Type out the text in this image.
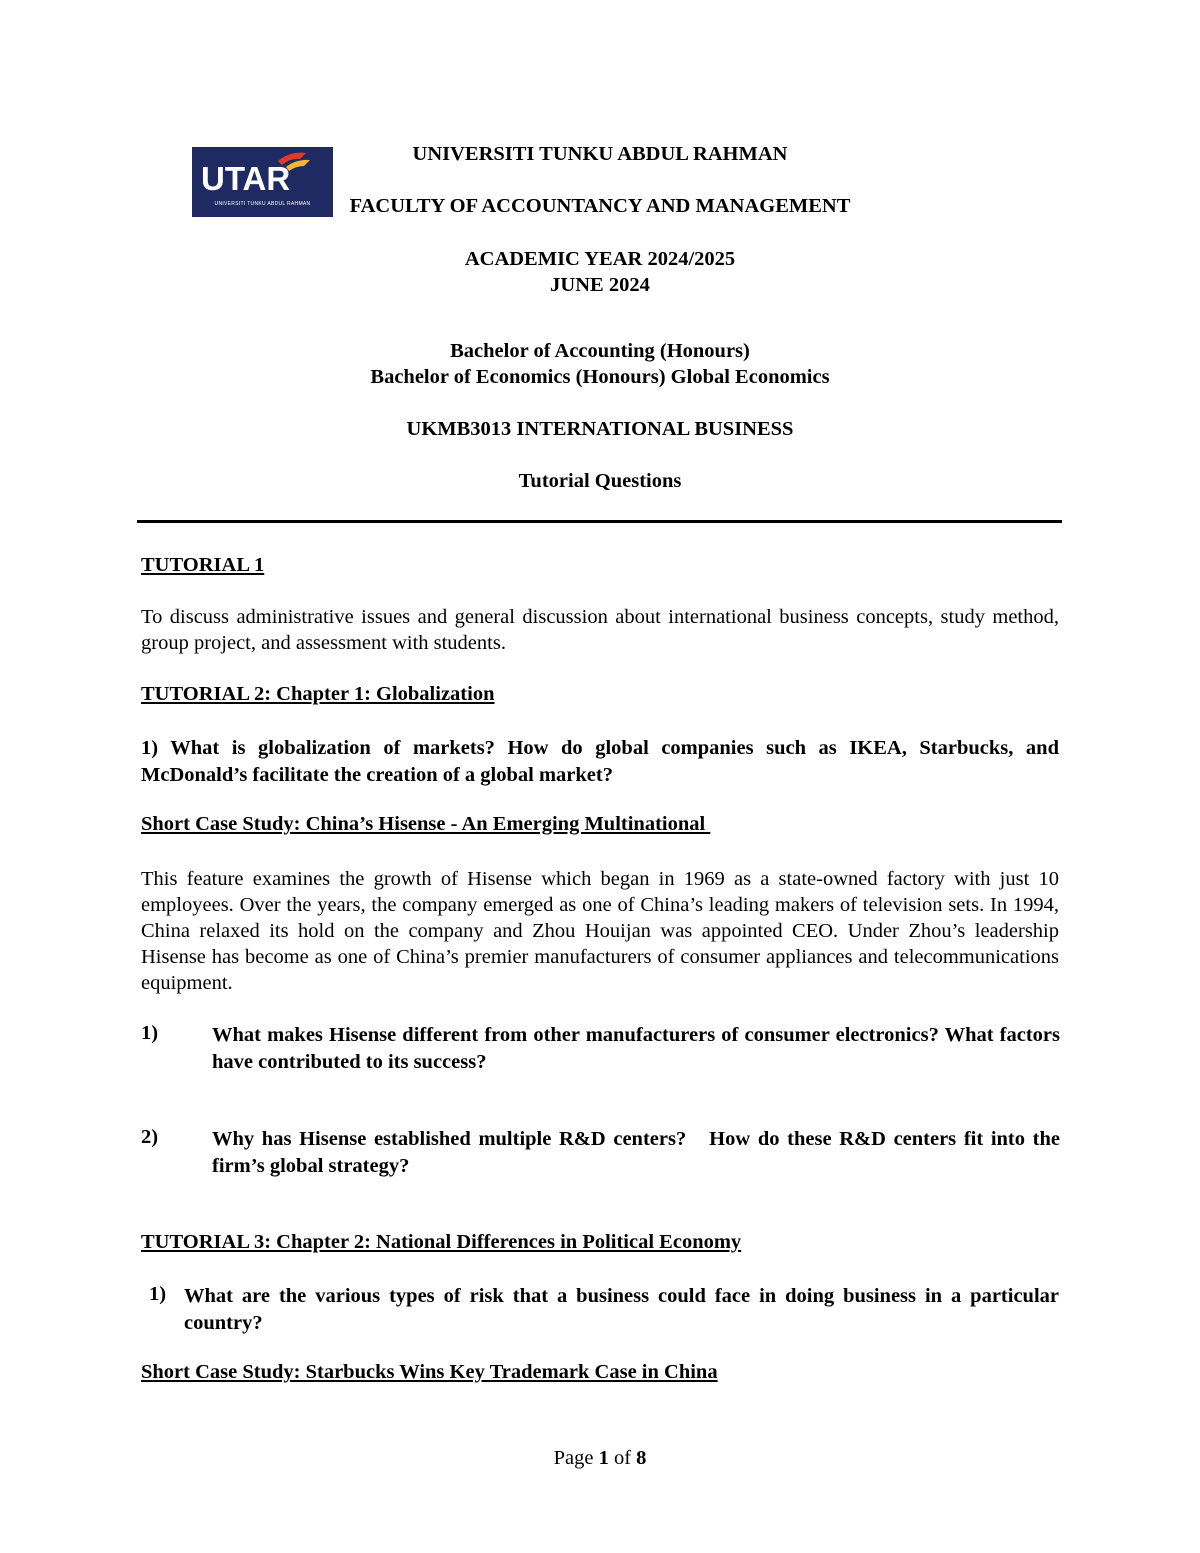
UTAR
UNIVERSITI TUNKU ABDUL RAHMAN
UNIVERSITI TUNKU ABDUL RAHMAN
FACULTY OF ACCOUNTANCY AND MANAGEMENT
ACADEMIC YEAR 2024/2025
JUNE 2024
Bachelor of Accounting (Honours)
Bachelor of Economics (Honours) Global Economics
UKMB3013 INTERNATIONAL BUSINESS
Tutorial Questions
TUTORIAL 1
To discuss administrative issues and general discussion about international business concepts, study method, group project, and assessment with students.
TUTORIAL 2: Chapter 1: Globalization
1) What is globalization of markets? How do global companies such as IKEA, Starbucks, and McDonald’s facilitate the creation of a global market?
Short Case Study: China’s Hisense - An Emerging Multinational
This feature examines the growth of Hisense which began in 1969 as a state-owned factory with just 10 employees. Over the years, the company emerged as one of China’s leading makers of television sets. In 1994, China relaxed its hold on the company and Zhou Houijan was appointed CEO. Under Zhou’s leadership Hisense has become as one of China’s premier manufacturers of consumer appliances and telecommunications equipment.
1)	What makes Hisense different from other manufacturers of consumer electronics? What factors have contributed to its success?
2)	Why has Hisense established multiple R&D centers?   How do these R&D centers fit into the firm’s global strategy?
TUTORIAL 3: Chapter 2: National Differences in Political Economy
1) What are the various types of risk that a business could face in doing business in a particular country?
Short Case Study: Starbucks Wins Key Trademark Case in China
Page 1 of 8
